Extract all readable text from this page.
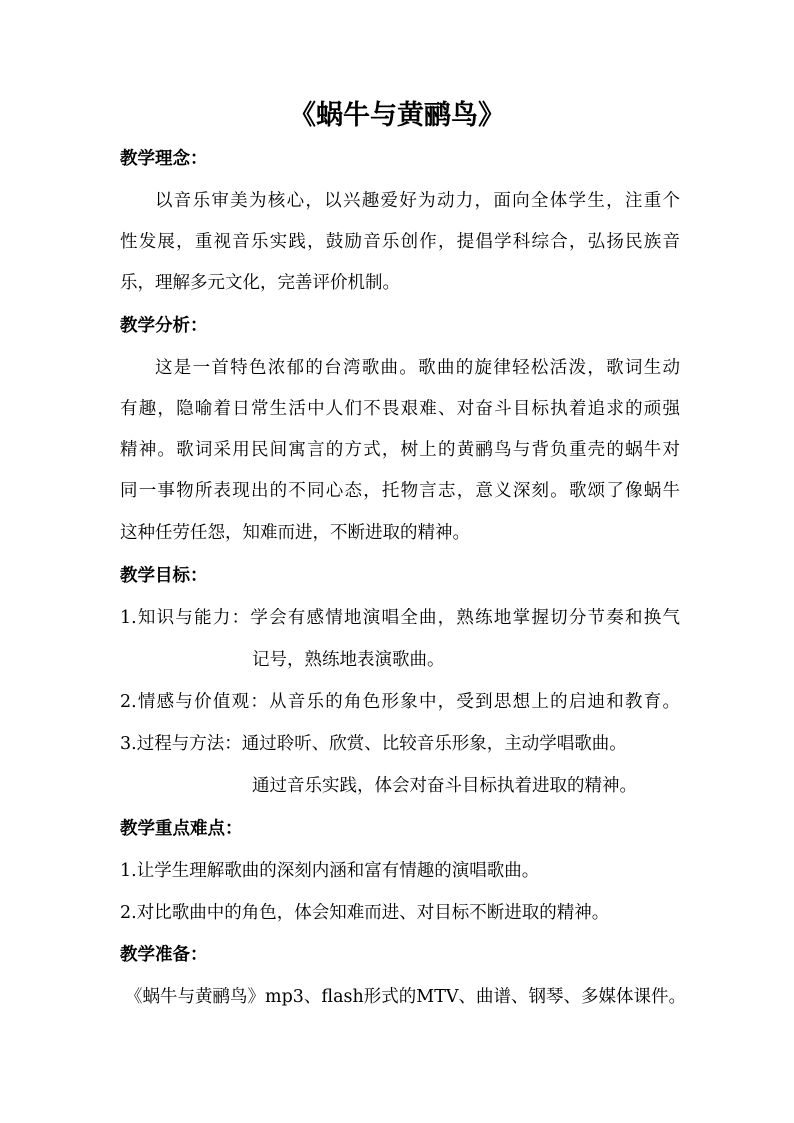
《蜗牛与黄鹂鸟》
教学理念：
以音乐审美为核心，以兴趣爱好为动力，面向全体学生，注重个
性发展，重视音乐实践，鼓励音乐创作，提倡学科综合，弘扬民族音
乐，理解多元文化，完善评价机制。
教学分析：
这是一首特色浓郁的台湾歌曲。歌曲的旋律轻松活泼，歌词生动
有趣，隐喻着日常生活中人们不畏艰难、对奋斗目标执着追求的顽强
精神。歌词采用民间寓言的方式，树上的黄鹂鸟与背负重壳的蜗牛对
同一事物所表现出的不同心态，托物言志，意义深刻。歌颂了像蜗牛
这种任劳任怨，知难而进，不断进取的精神。
教学目标：
1.知识与能力：学会有感情地演唱全曲，熟练地掌握切分节奏和换气
记号，熟练地表演歌曲。
2.情感与价值观：从音乐的角色形象中，受到思想上的启迪和教育。
3.过程与方法：通过聆听、欣赏、比较音乐形象，主动学唱歌曲。
通过音乐实践，体会对奋斗目标执着进取的精神。
教学重点难点：
1.让学生理解歌曲的深刻内涵和富有情趣的演唱歌曲。
2.对比歌曲中的角色，体会知难而进、对目标不断进取的精神。
教学准备：
《蜗牛与黄鹂鸟》mp3、flash形式的MTV、曲谱、钢琴、多媒体课件。
